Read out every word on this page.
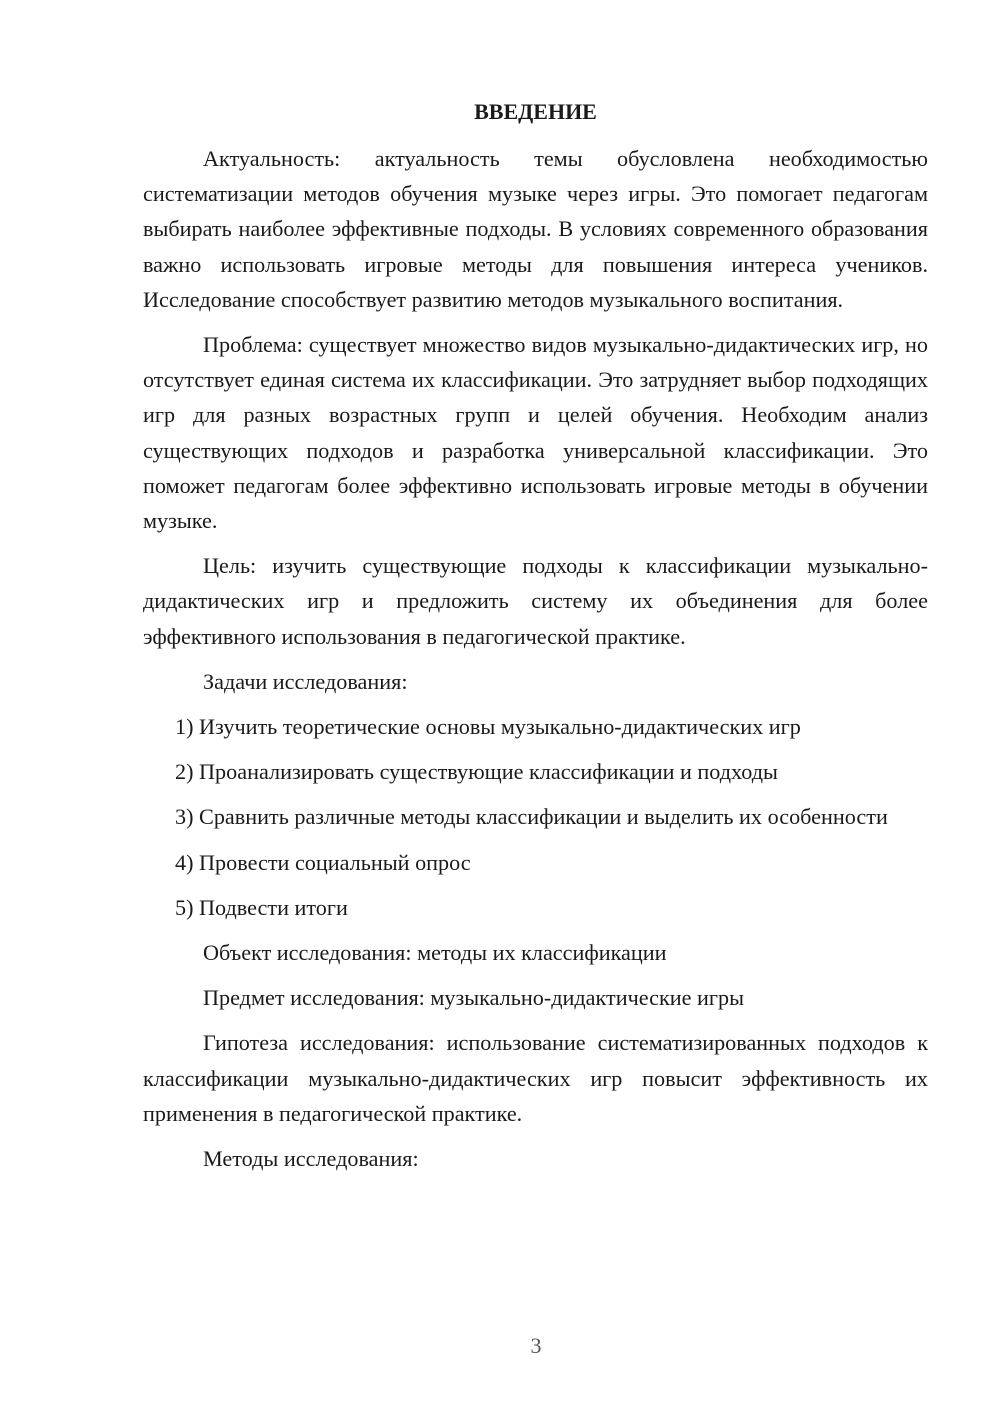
ВВЕДЕНИЕ

Актуальность: актуальность темы обусловлена необходимостью систематизации методов обучения музыке через игры. Это помогает педагогам выбирать наиболее эффективные подходы. В условиях современного образования важно использовать игровые методы для повышения интереса учеников. Исследование способствует развитию методов музыкального воспитания.

Проблема: существует множество видов музыкально-дидактических игр, но отсутствует единая система их классификации. Это затрудняет выбор подходящих игр для разных возрастных групп и целей обучения. Необходим анализ существующих подходов и разработка универсальной классификации. Это поможет педагогам более эффективно использовать игровые методы в обучении музыке.

Цель: изучить существующие подходы к классификации музыкально-дидактических игр и предложить систему их объединения для более эффективного использования в педагогической практике.

Задачи исследования:

1) Изучить теоретические основы музыкально-дидактических игр

2) Проанализировать существующие классификации и подходы

3) Сравнить различные методы классификации и выделить их особенности

4) Провести социальный опрос

5) Подвести итоги

Объект исследования: методы их классификации

Предмет исследования: музыкально-дидактические игры

Гипотеза исследования: использование систематизированных подходов к классификации музыкально-дидактических игр повысит эффективность их применения в педагогической практике.

Методы исследования:

3
